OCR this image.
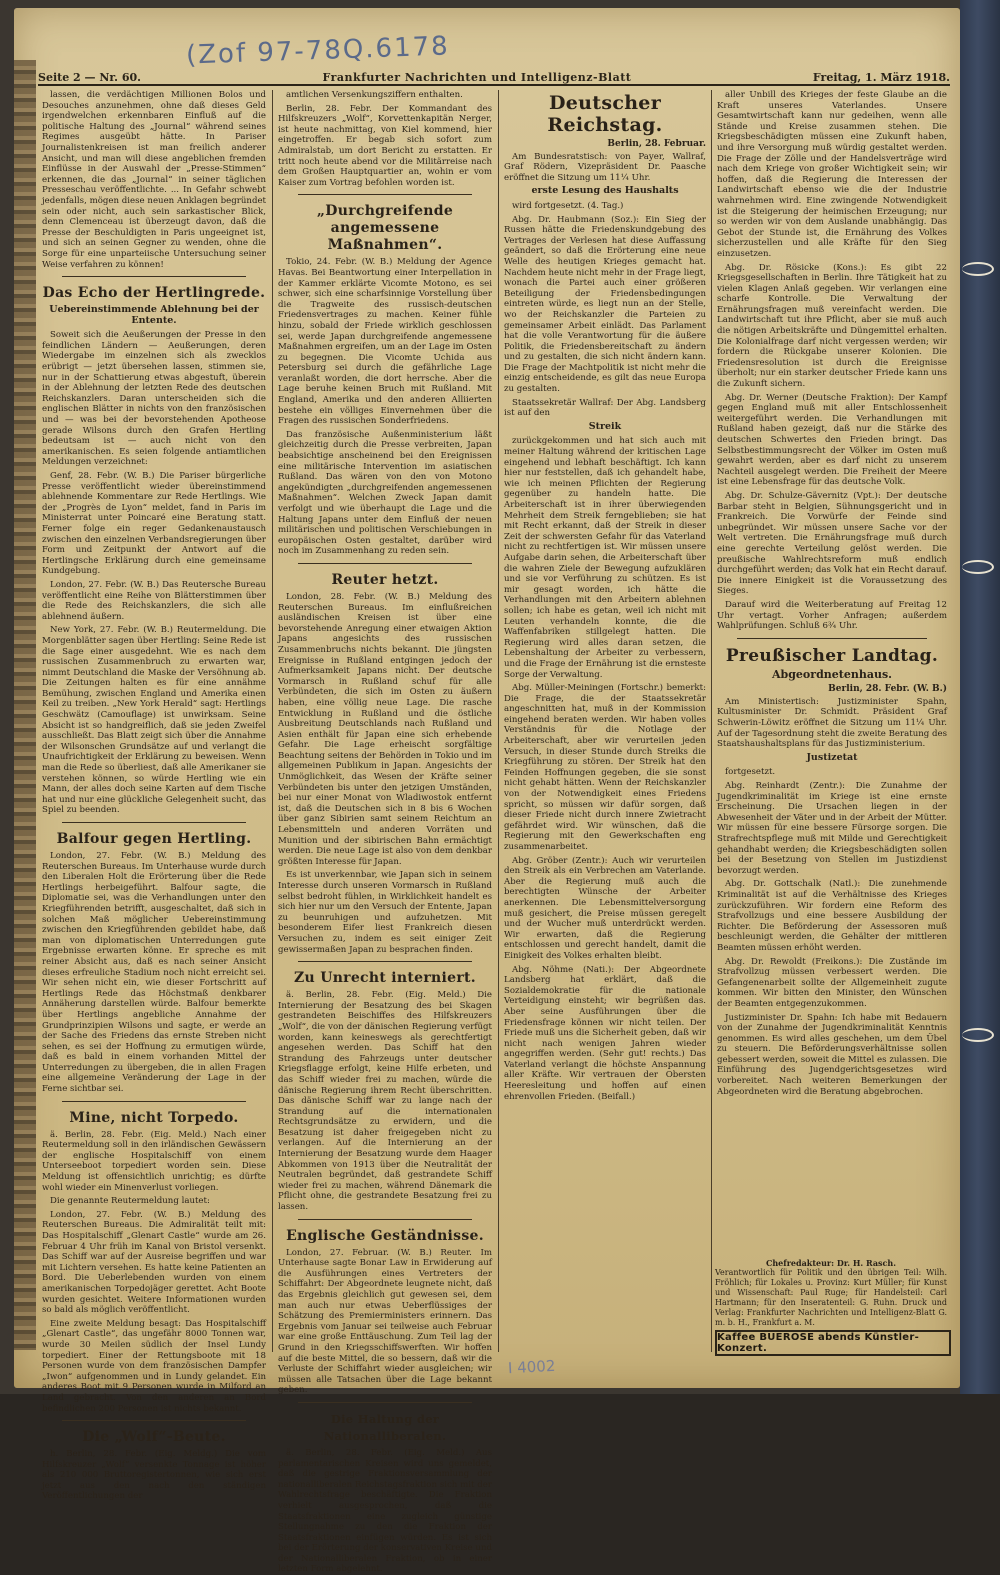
(Zof 97-78Q.6178
I 4002
Seite 2 — Nr. 60.	Frankfurter Nachrichten und Intelligenz-Blatt	Freitag, 1. März 1918.

lassen, die verdächtigen Millionen Bolos und Desouches anzunehmen, ohne daß dieses Geld irgendwelchen erkennbaren Einfluß auf die politische Haltung des „Journal“ während seines Regimes ausgeübt hätte. In Pariser Journalistenkreisen ist man freilich anderer Ansicht, und man will diese angeblichen fremden Einflüsse in der Auswahl der „Presse-Stimmen“ erkennen, die das „Journal“ in seiner täglichen Presseschau veröffentlichte. ... In Gefahr schwebt jedenfalls, mögen diese neuen Anklagen begründet sein oder nicht, auch sein sarkastischer Blick, denn Clemenceau ist überzeugt davon, daß die Presse der Beschuldigten in Paris ungeeignet ist, und sich an seinen Gegner zu wenden, ohne die Sorge für eine unparteiische Untersuchung seiner Weise verfahren zu können!

Das Echo der Hertlingrede.
Uebereinstimmende Ablehnung bei der Entente.

Soweit sich die Aeußerungen der Presse in den feindlichen Ländern — Aeußerungen, deren Wiedergabe im einzelnen sich als zwecklos erübrigt — jetzt übersehen lassen, stimmen sie, nur in der Schattierung etwas abgestuft, überein in der Ablehnung der letzten Rede des deutschen Reichskanzlers. Daran unterscheiden sich die englischen Blätter in nichts von den französischen und — was bei der bevorstehenden Apotheose gerade Wilsons durch den Grafen Hertling bedeutsam ist — auch nicht von den amerikanischen. Es seien folgende antiamtlichen Meldungen verzeichnet:

Genf, 28. Febr. (W. B.) Die Pariser bürgerliche Presse veröffentlicht wieder übereinstimmend ablehnende Kommentare zur Rede Hertlings. Wie der „Progrès de Lyon“ meldet, fand in Paris im Ministerrat unter Poincaré eine Beratung statt. Ferner folge ein reger Gedankenaustausch zwischen den einzelnen Verbandsregierungen über Form und Zeitpunkt der Antwort auf die Hertlingsche Erklärung durch eine gemeinsame Kundgebung.

London, 27. Febr. (W. B.) Das Reutersche Bureau veröffentlicht eine Reihe von Blätterstimmen über die Rede des Reichskanzlers, die sich alle ablehnend äußern.

New York, 27. Febr. (W. B.) Reutermeldung. Die Morgenblätter sagen über Hertling: Seine Rede ist die Sage einer ausgedehnt. Wie es nach dem russischen Zusammenbruch zu erwarten war, nimmt Deutschland die Maske der Versöhnung ab. Die Zeitungen halten es für eine annähme Bemühung, zwischen England und Amerika einen Keil zu treiben. „New York Herald“ sagt: Hertlings Geschwätz (Camouflage) ist unwirksam. Seine Absicht ist so handgreiflich, daß sie jeden Zweifel ausschließt. Das Blatt zeigt sich über die Annahme der Wilsonschen Grundsätze auf und verlangt die Unaufrichtigkeit der Erklärung zu beweisen. Wenn man die Rede so überliest, daß alle Amerikaner sie verstehen können, so würde Hertling wie ein Mann, der alles doch seine Karten auf dem Tische hat und nur eine glückliche Gelegenheit sucht, das Spiel zu beenden.

Balfour gegen Hertling.

London, 27. Febr. (W. B.) Meldung des Reuterschen Bureaus. Im Unterhause wurde durch den Liberalen Holt die Erörterung über die Rede Hertlings herbeigeführt. Balfour sagte, die Diplomatie sei, was die Verhandlungen unter den Kriegführenden betrifft, ausgeschaltet, daß sich in solchen Maß möglicher Uebereinstimmung zwischen den Kriegführenden gebildet habe, daß man von diplomatischen Unterredungen gute Ergebnisse erwarten könne. Er spreche es mit reiner Absicht aus, daß es nach seiner Ansicht dieses erfreuliche Stadium noch nicht erreicht sei. Wir sehen nicht ein, wie dieser Fortschritt auf Hertlings Rede das Höchstmaß denkbarer Annäherung darstellen würde. Balfour bemerkte über Hertlings angebliche Annahme der Grundprinzipien Wilsons und sagte, er werde an der Sache des Friedens das ernste Streben nicht sehen, es sei der Hoffnung zu ermutigen würde, daß es bald in einem vorhanden Mittel der Unterredungen zu übergeben, die in allen Fragen eine allgemeine Veränderung der Lage in der Ferne sichtbar sei.

Mine, nicht Torpedo.

ä. Berlin, 28. Febr. (Eig. Meld.) Nach einer Reutermeldung soll in den irländischen Gewässern der englische Hospitalschiff von einem Unterseeboot torpediert worden sein. Diese Meldung ist offensichtlich unrichtig; es dürfte wohl wieder ein Minenverlust vorliegen.

Die genannte Reutermeldung lautet:

London, 27. Febr. (W. B.) Meldung des Reuterschen Bureaus. Die Admiralität teilt mit: Das Hospitalschiff „Glenart Castle“ wurde am 26. Februar 4 Uhr früh im Kanal von Bristol versenkt. Das Schiff war auf der Ausreise begriffen und war mit Lichtern versehen. Es hatte keine Patienten an Bord. Die Ueberlebenden wurden von einem amerikanischen Torpedojäger gerettet. Acht Boote wurden gesichtet. Weitere Informationen wurden so bald als möglich veröffentlicht.

Eine zweite Meldung besagt: Das Hospitalschiff „Glenart Castle“, das ungefähr 8000 Tonnen war, wurde 30 Meilen südlich der Insel Lundy torpediert. Einer der Rettungsboote mit 18 Personen wurde von dem französischen Dampfer „Iwon“ aufgenommen und in Lundy gelandet. Ein anderes Boot mit 9 Personen wurde in Milford an Land gebracht. Von den anderen an Bord befindlichen 200 Personen ist nichts bekannt.

Die „Wolf“-Beute.

h. Berlin, 28. Febr. (Eig. Meldg.) Die vom Hilfskreuzer „Wolf“ versenkte Tonnage ist höher als 210 000 Bruttoregistertonnen, wie sich erst jetzt aus den nach den ständigen Veröffentlichungen der

amtlichen Versenkungsziffern enthalten.

Berlin, 28. Febr. Der Kommandant des Hilfskreuzers „Wolf“, Korvettenkapitän Nerger, ist heute nachmittag, von Kiel kommend, hier eingetroffen. Er begab sich sofort zum Admiralstab, um dort Bericht zu erstatten. Er tritt noch heute abend vor die Militärreise nach dem Großen Hauptquartier an, wohin er vom Kaiser zum Vortrag befohlen worden ist.

„Durchgreifende angemessene Maßnahmen“.

Tokio, 24. Febr. (W. B.) Meldung der Agence Havas. Bei Beantwortung einer Interpellation in der Kammer erklärte Vicomte Motono, es sei schwer, sich eine scharfsinnige Vorstellung über die Tragweite des russisch-deutschen Friedensvertrages zu machen. Keiner fühle hinzu, sobald der Friede wirklich geschlossen sei, werde Japan durchgreifende angemessene Maßnahmen ergreifen, um an der Lage im Osten zu begegnen. Die Vicomte Uchida aus Petersburg sei durch die gefährliche Lage veranlaßt worden, die dort herrsche. Aber die Lage beruhe keinen Bruch mit Rußland. Mit England, Amerika und den anderen Alliierten bestehe ein völliges Einvernehmen über die Fragen des russischen Sonderfriedens.

Das französische Außenministerium läßt gleichzeitig durch die Presse verbreiten, Japan beabsichtige anscheinend bei den Ereignissen eine militärische Intervention im asiatischen Rußland. Das wären von den von Motono angekündigten „durchgreifenden angemessenen Maßnahmen“. Welchen Zweck Japan damit verfolgt und wie überhaupt die Lage und die Haltung Japans unter dem Einfluß der neuen militärischen und politischen Verschiebungen in europäischen Osten gestaltet, darüber wird noch im Zusammenhang zu reden sein.

Reuter hetzt.

London, 28. Febr. (W. B.) Meldung des Reuterschen Bureaus. Im einflußreichen ausländischen Kreisen ist über eine bevorstehende Anregung einer etwaigen Aktion Japans angesichts des russischen Zusammenbruchs nichts bekannt. Die jüngsten Ereignisse in Rußland entgingen jedoch der Aufmerksamkeit Japans nicht. Der deutsche Vormarsch in Rußland schuf für alle Verbündeten, die sich im Osten zu äußern haben, eine völlig neue Lage. Die rasche Entwicklung in Rußland und die östliche Ausbreitung Deutschlands nach Rußland und Asien enthält für Japan eine sich erhebende Gefahr. Die Lage erheischt sorgfältige Beachtung seitens der Behörden in Tokio und im allgemeinen Publikum in Japan. Angesichts der Unmöglichkeit, das Wesen der Kräfte seiner Verbündeten bis unter den jetzigen Umständen, bei nur einer Monat von Wladiwostok entfernt ist, daß die Deutschen sich in 8 bis 6 Wochen über ganz Sibirien samt seinem Reichtum an Lebensmitteln und anderen Vorräten und Munition und der sibirischen Bahn ermächtigt werden. Die neue Lage ist also von dem denkbar größten Interesse für Japan.

Es ist unverkennbar, wie Japan sich in seinem Interesse durch unseren Vormarsch in Rußland selbst bedroht fühlen, in Wirklichkeit handelt es sich hier nur um den Versuch der Entente, Japan zu beunruhigen und aufzuhetzen. Mit besonderem Eifer liest Frankreich diesen Versuchen zu, indem es seit einiger Zeit gewissermaßen Japan zu besprachen finden.

Zu Unrecht interniert.

ä. Berlin, 28. Febr. (Eig. Meld.) Die Internierung der Besatzung des bei Skagen gestrandeten Beischiffes des Hilfskreuzers „Wolf“, die von der dänischen Regierung verfügt worden, kann keineswegs als gerechtfertigt angesehen werden. Das Schiff hat den Strandung des Fahrzeugs unter deutscher Kriegsflagge erfolgt, keine Hilfe erbeten, und das Schiff wieder frei zu machen, würde die dänische Regierung ihrem Recht überschritten. Das dänische Schiff war zu lange nach der Strandung auf die internationalen Rechtsgrundsätze zu erwidern, und die Besatzung ist daher freigegeben nicht zu verlangen. Auf die Internierung an der Internierung der Besatzung wurde dem Haager Abkommen von 1913 über die Neutralität der Neutralen begründet, daß gestrandete Schiff wieder frei zu machen, während Dänemark die Pflicht ohne, die gestrandete Besatzung frei zu lassen.

Englische Geständnisse.

London, 27. Februar. (W. B.) Reuter. Im Unterhause sagte Bonar Law in Erwiderung auf die Ausführungen eines Vertreters der Schiffahrt: Der Abgeordnete leugnete nicht, daß das Ergebnis gleichlich gut gewesen sei, dem man auch nur etwas Ueberflüssiges der Schätzung des Premierministers erinnern. Das Ergebnis vom Januar sei teilweise auch Februar war eine große Enttäuschung. Zum Teil lag der Grund in den Kriegsschiffswerften. Wir hoffen auf die beste Mittel, die so bessern, daß wir die Verluste der Schiffahrt wieder ausgleichen; wir müssen alle Tatsachen über die Lage bekannt geben.

Die Haltung der Nationalliberalen.

ä. Berlin, 28. Febr. (Eig. Meld.) Aus parlamentarischen Kreisen wird uns gemeldet, daß die gestrige Fraktionsversammlung der nationalliberalen Reichstagsfraktion sich mit der Wahlrechtsfrage beschäftigte. Die Fraktion verhielt ausgesprochen, daß die Staatsfraktionen eine zugleich günstige Stellungnahme zu den die Fraktion der Staatsfraktionen einfügen würden. Es ist sich bei der Erörterung der konservativen Kreise und der Nationalliberalen Fraktion, ob in einer letzten Form abgelehnt.

Deutscher Reichstag.
Berlin, 28. Februar.

Am Bundesratstisch: von Payer, Wallraf, Graf Rödern, Vizepräsident Dr. Paasche eröffnet die Sitzung um 11¼ Uhr.

erste Lesung des Haushalts

wird fortgesetzt. (4. Tag.)

Abg. Dr. Haubmann (Soz.): Ein Sieg der Russen hätte die Friedenskundgebung des Vertrages der Verlesen hat diese Auffassung geändert, so daß die Erörterung eine neue Welle des heutigen Krieges gemacht hat. Nachdem heute nicht mehr in der Frage liegt, wonach die Partei auch einer größeren Beteiligung der Friedensbedingungen eintreten würde, es liegt nun an der Stelle, wo der Reichskanzler die Parteien zu gemeinsamer Arbeit einlädt. Das Parlament hat die volle Verantwortung für die äußere Politik, die Friedensbereitschaft zu ändern und zu gestalten, die sich nicht ändern kann. Die Frage der Machtpolitik ist nicht mehr die einzig entscheidende, es gilt das neue Europa zu gestalten.

Staatssekretär Wallraf: Der Abg. Landsberg ist auf den

Streik

zurückgekommen und hat sich auch mit meiner Haltung während der kritischen Lage eingehend und lebhaft beschäftigt. Ich kann hier nur feststellen, daß ich gehandelt habe, wie ich meinen Pflichten der Regierung gegenüber zu handeln hatte. Die Arbeiterschaft ist in ihrer überwiegenden Mehrheit dem Streik ferngeblieben; sie hat mit Recht erkannt, daß der Streik in dieser Zeit der schwersten Gefahr für das Vaterland nicht zu rechtfertigen ist. Wir müssen unsere Aufgabe darin sehen, die Arbeiterschaft über die wahren Ziele der Bewegung aufzuklären und sie vor Verführung zu schützen. Es ist mir gesagt worden, ich hätte die Verhandlungen mit den Arbeitern ablehnen sollen; ich habe es getan, weil ich nicht mit Leuten verhandeln konnte, die die Waffenfabriken stillgelegt hatten. Die Regierung wird alles daran setzen, die Lebenshaltung der Arbeiter zu verbessern, und die Frage der Ernährung ist die ernsteste Sorge der Verwaltung.

Abg. Müller-Meiningen (Fortschr.) bemerkt: Die Frage, die der Staatssekretär angeschnitten hat, muß in der Kommission eingehend beraten werden. Wir haben volles Verständnis für die Notlage der Arbeiterschaft, aber wir verurteilen jeden Versuch, in dieser Stunde durch Streiks die Kriegführung zu stören. Der Streik hat den Feinden Hoffnungen gegeben, die sie sonst nicht gehabt hätten. Wenn der Reichskanzler von der Notwendigkeit eines Friedens spricht, so müssen wir dafür sorgen, daß dieser Friede nicht durch innere Zwietracht gefährdet wird. Wir wünschen, daß die Regierung mit den Gewerkschaften eng zusammenarbeitet.

Abg. Gröber (Zentr.): Auch wir verurteilen den Streik als ein Verbrechen am Vaterlande. Aber die Regierung muß auch die berechtigten Wünsche der Arbeiter anerkennen. Die Lebensmittelversorgung muß gesichert, die Preise müssen geregelt und der Wucher muß unterdrückt werden. Wir erwarten, daß die Regierung entschlossen und gerecht handelt, damit die Einigkeit des Volkes erhalten bleibt.

Abg. Nöhme (Nati.): Der Abgeordnete Landsberg hat erklärt, daß die Sozialdemokratie für die nationale Verteidigung einsteht; wir begrüßen das. Aber seine Ausführungen über die Friedensfrage können wir nicht teilen. Der Friede muß uns die Sicherheit geben, daß wir nicht nach wenigen Jahren wieder angegriffen werden. (Sehr gut! rechts.) Das Vaterland verlangt die höchste Anspannung aller Kräfte. Wir vertrauen der Obersten Heeresleitung und hoffen auf einen ehrenvollen Frieden. (Beifall.)

aller Unbill des Krieges der feste Glaube an die Kraft unseres Vaterlandes. Unsere Gesamtwirtschaft kann nur gedeihen, wenn alle Stände und Kreise zusammen stehen. Die Kriegsbeschädigten müssen eine Zukunft haben, und ihre Versorgung muß würdig gestaltet werden. Die Frage der Zölle und der Handelsverträge wird nach dem Kriege von großer Wichtigkeit sein; wir hoffen, daß die Regierung die Interessen der Landwirtschaft ebenso wie die der Industrie wahrnehmen wird. Eine zwingende Notwendigkeit ist die Steigerung der heimischen Erzeugung; nur so werden wir von dem Auslande unabhängig. Das Gebot der Stunde ist, die Ernährung des Volkes sicherzustellen und alle Kräfte für den Sieg einzusetzen.

Abg. Dr. Rösicke (Kons.): Es gibt 22 Kriegsgesellschaften in Berlin. Ihre Tätigkeit hat zu vielen Klagen Anlaß gegeben. Wir verlangen eine scharfe Kontrolle. Die Verwaltung der Ernährungsfragen muß vereinfacht werden. Die Landwirtschaft tut ihre Pflicht, aber sie muß auch die nötigen Arbeitskräfte und Düngemittel erhalten. Die Kolonialfrage darf nicht vergessen werden; wir fordern die Rückgabe unserer Kolonien. Die Friedensresolution ist durch die Ereignisse überholt; nur ein starker deutscher Friede kann uns die Zukunft sichern.

Abg. Dr. Werner (Deutsche Fraktion): Der Kampf gegen England muß mit aller Entschlossenheit weitergeführt werden. Die Verhandlungen mit Rußland haben gezeigt, daß nur die Stärke des deutschen Schwertes den Frieden bringt. Das Selbstbestimmungsrecht der Völker im Osten muß gewahrt werden, aber es darf nicht zu unserem Nachteil ausgelegt werden. Die Freiheit der Meere ist eine Lebensfrage für das deutsche Volk.

Abg. Dr. Schulze-Gävernitz (Vpt.): Der deutsche Barbar steht in Belgien, Sühnungsgericht und in Frankreich. Die Vorwürfe der Feinde sind unbegründet. Wir müssen unsere Sache vor der Welt vertreten. Die Ernährungsfrage muß durch eine gerechte Verteilung gelöst werden. Die preußische Wahlrechtsreform muß endlich durchgeführt werden; das Volk hat ein Recht darauf. Die innere Einigkeit ist die Voraussetzung des Sieges.

Darauf wird die Weiterberatung auf Freitag 12 Uhr vertagt. Vorher Anfragen; außerdem Wahlprüfungen. Schluß 6¾ Uhr.

Preußischer Landtag.
Abgeordnetenhaus.
Berlin, 28. Febr. (W. B.)

Am Ministertisch: Justizminister Spahn, Kultusminister Dr. Schmidt. Präsident Graf Schwerin-Löwitz eröffnet die Sitzung um 11¼ Uhr. Auf der Tagesordnung steht die zweite Beratung des Staatshaushaltsplans für das Justizministerium.

Justizetat

fortgesetzt.

Abg. Reinhardt (Zentr.): Die Zunahme der Jugendkriminalität im Kriege ist eine ernste Erscheinung. Die Ursachen liegen in der Abwesenheit der Väter und in der Arbeit der Mütter. Wir müssen für eine bessere Fürsorge sorgen. Die Strafrechtspflege muß mit Milde und Gerechtigkeit gehandhabt werden; die Kriegsbeschädigten sollen bei der Besetzung von Stellen im Justizdienst bevorzugt werden.

Abg. Dr. Gottschalk (Natl.): Die zunehmende Kriminalität ist auf die Verhältnisse des Krieges zurückzuführen. Wir fordern eine Reform des Strafvollzugs und eine bessere Ausbildung der Richter. Die Beförderung der Assessoren muß beschleunigt werden, die Gehälter der mittleren Beamten müssen erhöht werden.

Abg. Dr. Rewoldt (Freikons.): Die Zustände im Strafvollzug müssen verbessert werden. Die Gefangenenarbeit sollte der Allgemeinheit zugute kommen. Wir bitten den Minister, den Wünschen der Beamten entgegenzukommen.

Justizminister Dr. Spahn: Ich habe mit Bedauern von der Zunahme der Jugendkriminalität Kenntnis genommen. Es wird alles geschehen, um dem Übel zu steuern. Die Beförderungsverhältnisse sollen gebessert werden, soweit die Mittel es zulassen. Die Einführung des Jugendgerichtsgesetzes wird vorbereitet. Nach weiteren Bemerkungen der Abgeordneten wird die Beratung abgebrochen.

Chefredakteur: Dr. H. Rasch.
Verantwortlich für Politik und den übrigen Teil: Wilh. Fröhlich; für Lokales u. Provinz: Kurt Müller; für Kunst und Wissenschaft: Paul Ruge; für Handelsteil: Carl Hartmann; für den Inseratenteil: G. Ruhn. Druck und Verlag: Frankfurter Nachrichten und Intelligenz-Blatt G. m. b. H., Frankfurt a. M.
Kaffee BUEROSE abends Künstler-Konzert.
